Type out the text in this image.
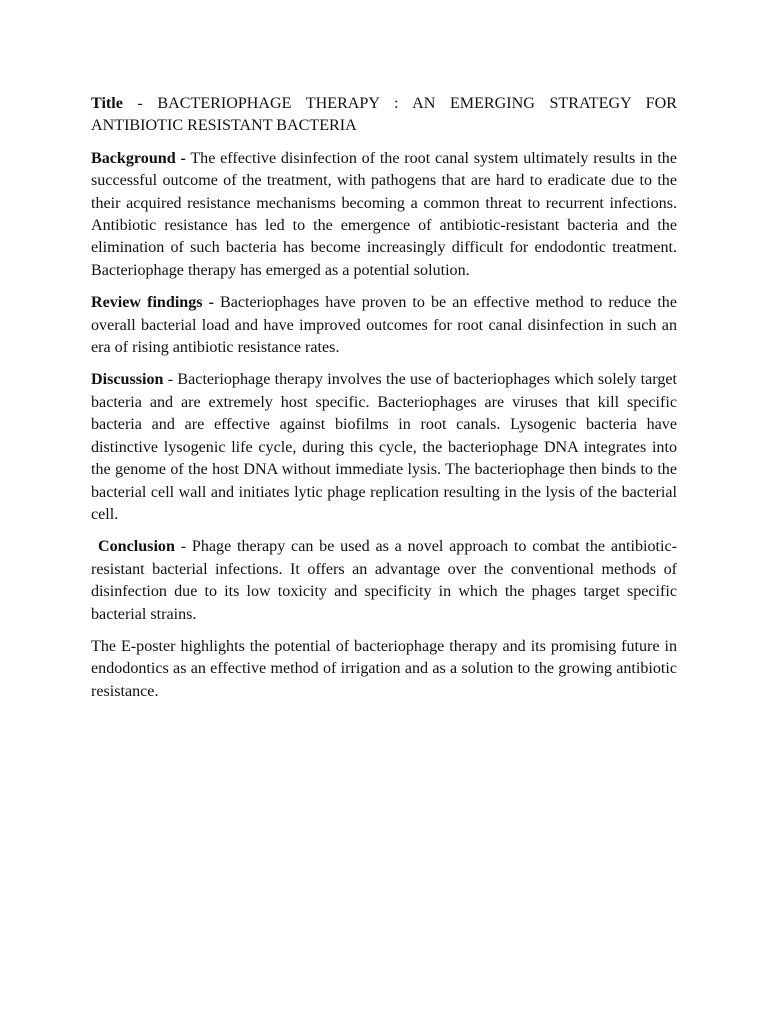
Title - BACTERIOPHAGE THERAPY : AN EMERGING STRATEGY FOR ANTIBIOTIC RESISTANT BACTERIA

Background - The effective disinfection of the root canal system ultimately results in the successful outcome of the treatment, with pathogens that are hard to eradicate due to the their acquired resistance mechanisms becoming a common threat to recurrent infections. Antibiotic resistance has led to the emergence of antibiotic-resistant bacteria and the elimination of such bacteria has become increasingly difficult for endodontic treatment. Bacteriophage therapy has emerged as a potential solution.

Review findings - Bacteriophages have proven to be an effective method to reduce the overall bacterial load and have improved outcomes for root canal disinfection in such an era of rising antibiotic resistance rates.

Discussion - Bacteriophage therapy involves the use of bacteriophages which solely target bacteria and are extremely host specific. Bacteriophages are viruses that kill specific bacteria and are effective against biofilms in root canals. Lysogenic bacteria have distinctive lysogenic life cycle, during this cycle, the bacteriophage DNA integrates into the genome of the host DNA without immediate lysis. The bacteriophage then binds to the bacterial cell wall and initiates lytic phage replication resulting in the lysis of the bacterial cell.

Conclusion - Phage therapy can be used as a novel approach to combat the antibiotic-resistant bacterial infections. It offers an advantage over the conventional methods of disinfection due to its low toxicity and specificity in which the phages target specific bacterial strains.

The E-poster highlights the potential of bacteriophage therapy and its promising future in endodontics as an effective method of irrigation and as a solution to the growing antibiotic resistance.
